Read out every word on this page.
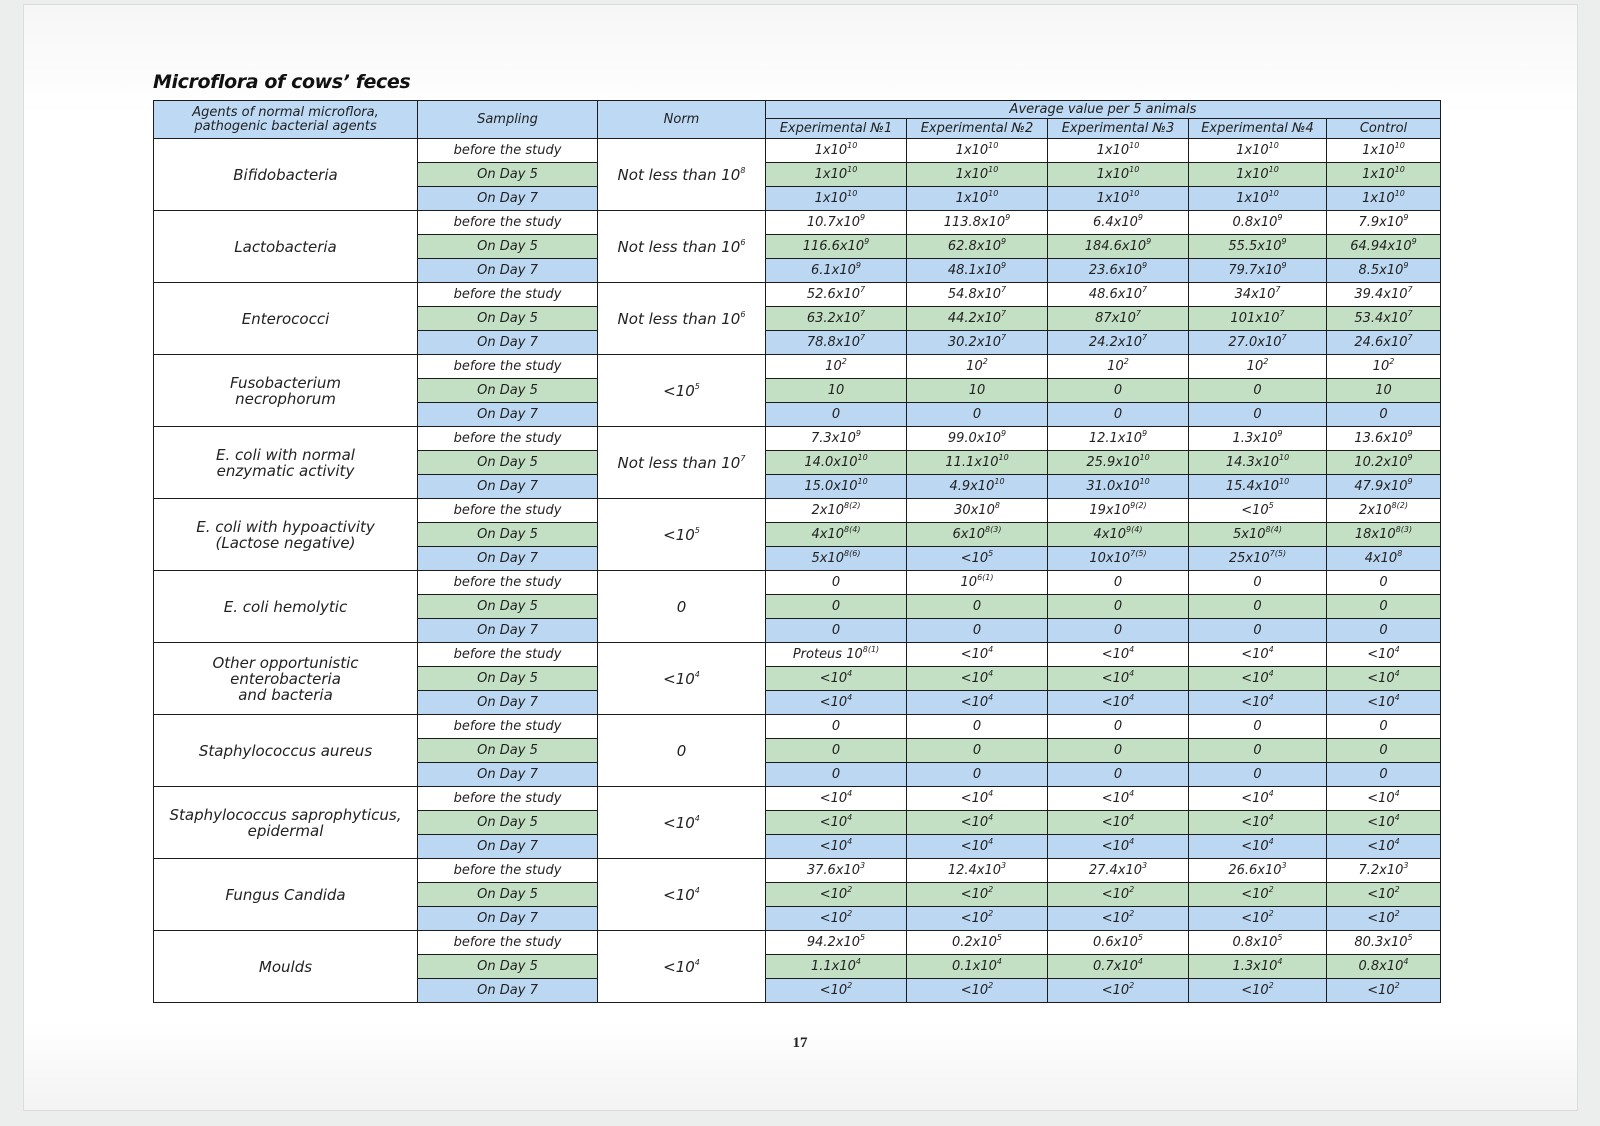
Microflora of cows’ feces
Agents of normal microflora, pathogenic bacterial agents	Sampling	Norm	Average value per 5 animals				
			Experimental №1	Experimental №2	Experimental №3	Experimental №4	Control
Bifidobacteria	before the study	Not less than $10^8$	$1x10^{10}$	$1x10^{10}$	$1x10^{10}$	$1x10^{10}$	$1x10^{10}$
	On Day 5		$1x10^{10}$	$1x10^{10}$	$1x10^{10}$	$1x10^{10}$	$1x10^{10}$
	On Day 7		$1x10^{10}$	$1x10^{10}$	$1x10^{10}$	$1x10^{10}$	$1x10^{10}$
Lactobacteria	before the study	Not less than $10^6$	$10.7x10^9$	$113.8x10^9$	$6.4x10^9$	$0.8x10^9$	$7.9x10^9$
	On Day 5		$116.6x10^9$	$62.8x10^9$	$184.6x10^9$	$55.5x10^9$	$64.94x10^9$
	On Day 7		$6.1x10^9$	$48.1x10^9$	$23.6x10^9$	$79.7x10^9$	$8.5x10^9$
Enterococci	before the study	Not less than $10^6$	$52.6x10^7$	$54.8x10^7$	$48.6x10^7$	$34x10^7$	$39.4x10^7$
	On Day 5		$63.2x10^7$	$44.2x10^7$	$87x10^7$	$101x10^7$	$53.4x10^7$
	On Day 7		$78.8x10^7$	$30.2x10^7$	$24.2x10^7$	$27.0x10^7$	$24.6x10^7$
Fusobacterium
necrophorum	before the study	$<10^5$	$10^2$	$10^2$	$10^2$	$10^2$	$10^2$
	On Day 5		10	10	0	0	10
	On Day 7		0	0	0	0	0
E. coli with normal
enzymatic activity	before the study	Not less than $10^7$	$7.3x10^9$	$99.0x10^9$	$12.1x10^9$	$1.3x10^9$	$13.6x10^9$
	On Day 5		$14.0x10^{10}$	$11.1x10^{10}$	$25.9x10^{10}$	$14.3x10^{10}$	$10.2x10^9$
	On Day 7		$15.0x10^{10}$	$4.9x10^{10}$	$31.0x10^{10}$	$15.4x10^{10}$	$47.9x10^9$
E. coli with hypoactivity
(Lactose negative)	before the study	$<10^5$	$2x10^{8(2)}$	$30x10^8$	$19x10^{9(2)}$	$<10^5$	$2x10^{8(2)}$
	On Day 5		$4x10^{8(4)}$	$6x10^{8(3)}$	$4x10^{9(4)}$	$5x10^{8(4)}$	$18x10^{8(3)}$
	On Day 7		$5x10^{8(6)}$	$<10^5$	$10x10^{7(5)}$	$25x10^{7(5)}$	$4x10^8$
E. coli hemolytic	before the study	0	0	$10^{6(1)}$	0	0	0
	On Day 5		0	0	0	0	0
	On Day 7		0	0	0	0	0
Other opportunistic
enterobacteria
and bacteria	before the study	$<10^4$	Proteus $10^{8(1)}$	$<10^4$	$<10^4$	$<10^4$	$<10^4$
	On Day 5		$<10^4$	$<10^4$	$<10^4$	$<10^4$	$<10^4$
	On Day 7		$<10^4$	$<10^4$	$<10^4$	$<10^4$	$<10^4$
Staphylococcus aureus	before the study	0	0	0	0	0	0
	On Day 5		0	0	0	0	0
	On Day 7		0	0	0	0	0
Staphylococcus saprophyticus,
epidermal	before the study	$<10^4$	$<10^4$	$<10^4$	$<10^4$	$<10^4$	$<10^4$
	On Day 5		$<10^4$	$<10^4$	$<10^4$	$<10^4$	$<10^4$
	On Day 7		$<10^4$	$<10^4$	$<10^4$	$<10^4$	$<10^4$
Fungus Candida	before the study	$<10^4$	$37.6x10^3$	$12.4x10^3$	$27.4x10^3$	$26.6x10^3$	$7.2x10^3$
	On Day 5		$<10^2$	$<10^2$	$<10^2$	$<10^2$	$<10^2$
	On Day 7		$<10^2$	$<10^2$	$<10^2$	$<10^2$	$<10^2$
Moulds	before the study	$<10^4$	$94.2x10^5$	$0.2x10^5$	$0.6x10^5$	$0.8x10^5$	$80.3x10^5$
	On Day 5		$1.1x10^4$	$0.1x10^4$	$0.7x10^4$	$1.3x10^4$	$0.8x10^4$
	On Day 7		$<10^2$	$<10^2$	$<10^2$	$<10^2$	$<10^2$
17
